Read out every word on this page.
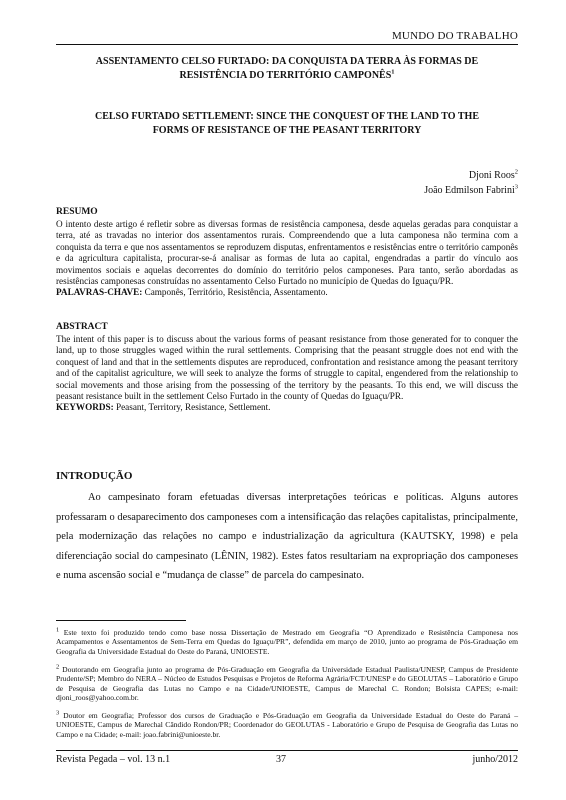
MUNDO DO TRABALHO
ASSENTAMENTO CELSO FURTADO: DA CONQUISTA DA TERRA ÀS FORMAS DE
RESISTÊNCIA DO TERRITÓRIO CAMPONÊS$^1$
CELSO FURTADO SETTLEMENT: SINCE THE CONQUEST OF THE LAND TO THE
FORMS OF RESISTANCE OF THE PEASANT TERRITORY
Djoni Roos$^2$
João Edmilson Fabrini$^3$
RESUMO
O intento deste artigo é refletir sobre as diversas formas de resistência camponesa, desde aquelas geradas para conquistar a terra, até as travadas no interior dos assentamentos rurais. Compreendendo que a luta camponesa não termina com a conquista da terra e que nos assentamentos se reproduzem disputas, enfrentamentos e resistências entre o território camponês e da agricultura capitalista, procurar-se-á analisar as formas de luta ao capital, engendradas a partir do vínculo aos movimentos sociais e aquelas decorrentes do domínio do território pelos camponeses. Para tanto, serão abordadas as resistências camponesas construídas no assentamento Celso Furtado no município de Quedas do Iguaçu/PR.
PALAVRAS-CHAVE: Camponês, Território, Resistência, Assentamento.
ABSTRACT
The intent of this paper is to discuss about the various forms of peasant resistance from those generated for to conquer the land, up to those struggles waged within the rural settlements. Comprising that the peasant struggle does not end with the conquest of land and that in the settlements disputes are reproduced, confrontation and resistance among the peasant territory and of the capitalist agriculture, we will seek to analyze the forms of struggle to capital, engendered from the relationship to social movements and those arising from the possessing of the territory by the peasants. To this end, we will discuss the peasant resistance built in the settlement Celso Furtado in the county of Quedas do Iguaçu/PR.
KEYWORDS: Peasant, Territory, Resistance, Settlement.
INTRODUÇÃO
Ao campesinato foram efetuadas diversas interpretações teóricas e políticas. Alguns autores professaram o desaparecimento dos camponeses com a intensificação das relações capitalistas, principalmente, pela modernização das relações no campo e industrialização da agricultura (KAUTSKY, 1998) e pela diferenciação social do campesinato (LÊNIN, 1982). Estes fatos resultariam na expropriação dos camponeses e numa ascensão social e “mudança de classe” de parcela do campesinato.
1 Este texto foi produzido tendo como base nossa Dissertação de Mestrado em Geografia “O Aprendizado e Resistência Camponesa nos Acampamentos e Assentamentos de Sem-Terra em Quedas do Iguaçu/PR”, defendida em março de 2010, junto ao programa de Pós-Graduação em Geografia da Universidade Estadual do Oeste do Paraná, UNIOESTE.
2 Doutorando em Geografia junto ao programa de Pós-Graduação em Geografia da Universidade Estadual Paulista/UNESP, Campus de Presidente Prudente/SP; Membro do NERA – Núcleo de Estudos Pesquisas e Projetos de Reforma Agrária/FCT/UNESP e do GEOLUTAS – Laboratório e Grupo de Pesquisa de Geografia das Lutas no Campo e na Cidade/UNIOESTE, Campus de Marechal C. Rondon; Bolsista CAPES; e-mail: djoni_roos@yahoo.com.br.
3 Doutor em Geografia; Professor dos cursos de Graduação e Pós-Graduação em Geografia da Universidade Estadual do Oeste do Paraná – UNIOESTE, Campus de Marechal Cândido Rondon/PR; Coordenador do GEOLUTAS - Laboratório e Grupo de Pesquisa de Geografia das Lutas no Campo e na Cidade; e-mail: joao.fabrini@unioeste.br.
Revista Pegada – vol. 13 n.1	37	junho/2012
